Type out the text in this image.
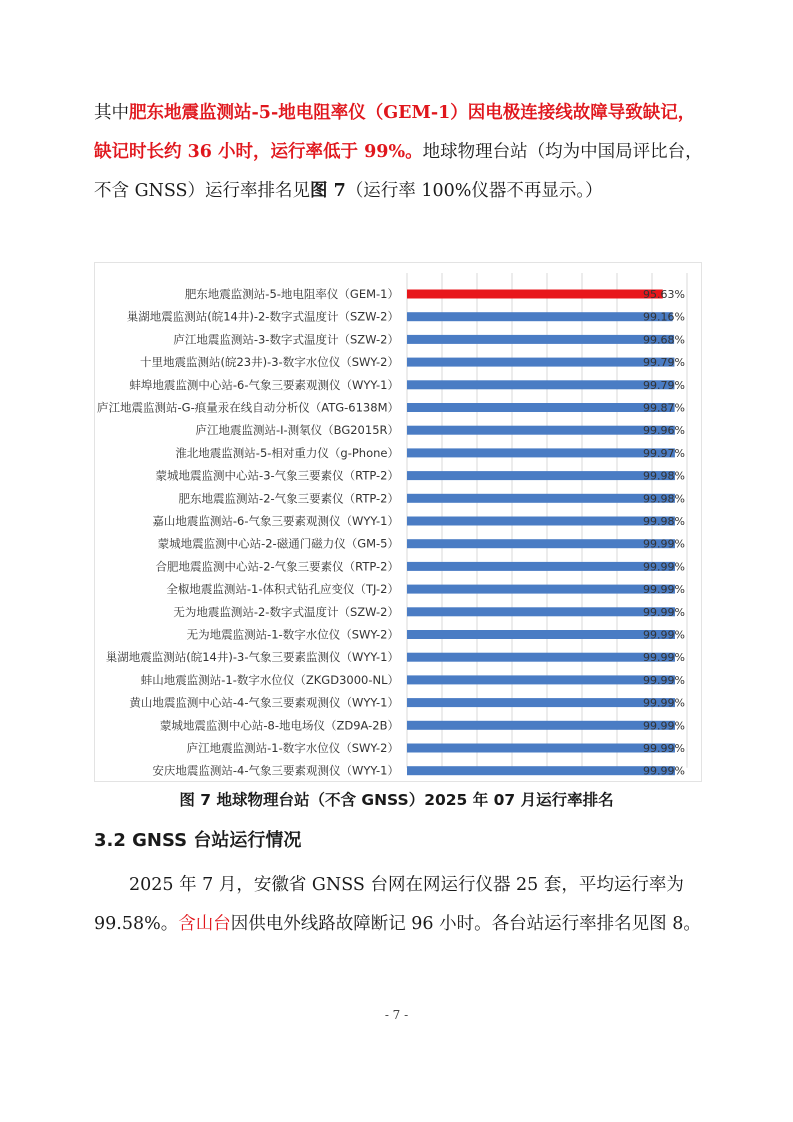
其中肥东地震监测站-5-地电阻率仪（GEM-1）因电极连接线故障导致缺记，缺记时长约 36 小时，运行率低于 99%。地球物理台站（均为中国局评比台，不含 GNSS）运行率排名见图 7（运行率 100%仪器不再显示。）

肥东地震监测站-5-地电阻率仪（GEM-1）	95.63%
巢湖地震监测站(皖14井)-2-数字式温度计（SZW-2）	99.16%
庐江地震监测站-3-数字式温度计（SZW-2）	99.68%
十里地震监测站(皖23井)-3-数字水位仪（SWY-2）	99.79%
蚌埠地震监测中心站-6-气象三要素观测仪（WYY-1）	99.79%
庐江地震监测站-G-痕量汞在线自动分析仪（ATG-6138M）	99.87%
庐江地震监测站-I-测氡仪（BG2015R）	99.96%
淮北地震监测站-5-相对重力仪（g-Phone）	99.97%
蒙城地震监测中心站-3-气象三要素仪（RTP-2）	99.98%
肥东地震监测站-2-气象三要素仪（RTP-2）	99.98%
嘉山地震监测站-6-气象三要素观测仪（WYY-1）	99.98%
蒙城地震监测中心站-2-磁通门磁力仪（GM-5）	99.99%
合肥地震监测中心站-2-气象三要素仪（RTP-2）	99.99%
全椒地震监测站-1-体积式钻孔应变仪（TJ-2）	99.99%
无为地震监测站-2-数字式温度计（SZW-2）	99.99%
无为地震监测站-1-数字水位仪（SWY-2）	99.99%
巢湖地震监测站(皖14井)-3-气象三要素监测仪（WYY-1）	99.99%
蚌山地震监测站-1-数字水位仪（ZKGD3000-NL）	99.99%
黄山地震监测中心站-4-气象三要素观测仪（WYY-1）	99.99%
蒙城地震监测中心站-8-地电场仪（ZD9A-2B）	99.99%
庐江地震监测站-1-数字水位仪（SWY-2）	99.99%
安庆地震监测站-4-气象三要素观测仪（WYY-1）	99.99%
图 7 地球物理台站（不含 GNSS）2025 年 07 月运行率排名
3.2 GNSS 台站运行情况

2025 年 7 月，安徽省 GNSS 台网在网运行仪器 25 套，平均运行率为 99.58%。含山台因供电外线路故障断记 96 小时。各台站运行率排名见图 8。

- 7 -
